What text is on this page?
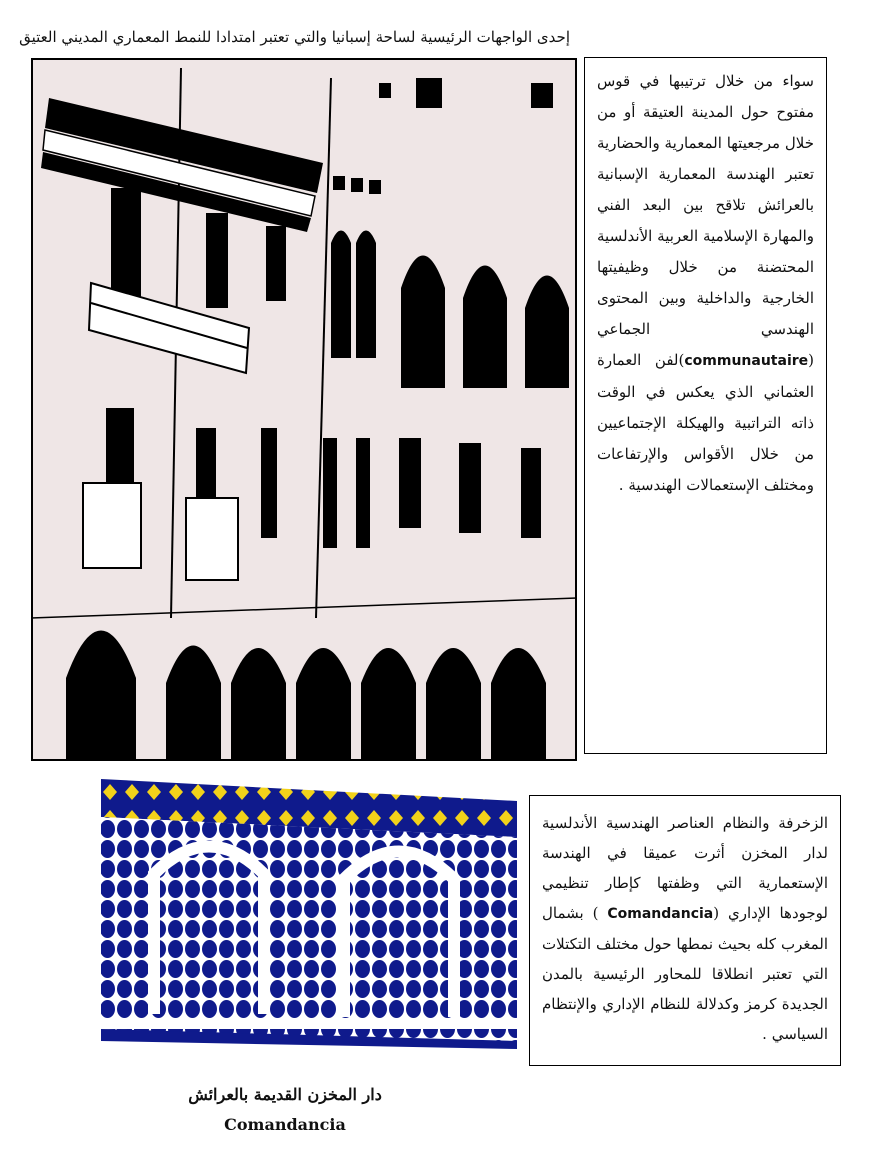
إحدى الواجهات الرئيسية لساحة إسبانيا والتي تعتبر امتدادا للنمط المعماري المديني العتيق

سواء من خلال ترتيبها في قوس مفتوح حول المدينة العتيقة أو من خلال مرجعيتها المعمارية والحضارية تعتبر الهندسة المعمارية الإسبانية بالعرائش تلاقح بين البعد الفني والمهارة الإسلامية العربية الأندلسية المحتضنة من خلال وظيفيتها الخارجية والداخلية وبين المحتوى الهندسي الجماعي (communautaire)لفن العمارة العثماني الذي يعكس في الوقت ذاته التراتبية والهيكلة الإجتماعيين من خلال الأقواس والإرتفاعات ومختلف الإستعمالات الهندسية .

الزخرفة والنظام العناصر الهندسية الأندلسية لدار المخزن أثرت عميقا في الهندسة الإستعمارية التي وظفتها كإطار تنظيمي لوجودها الإداري (Comandancia ) بشمال المغرب كله بحيث نمطها حول مختلف التكتلات التي تعتبر انطلاقا للمحاور الرئيسية بالمدن الجديدة كرمز وكدلالة للنظام الإداري والإنتظام السياسي .

دار المخزن القديمة بالعرائش
Comandancia
